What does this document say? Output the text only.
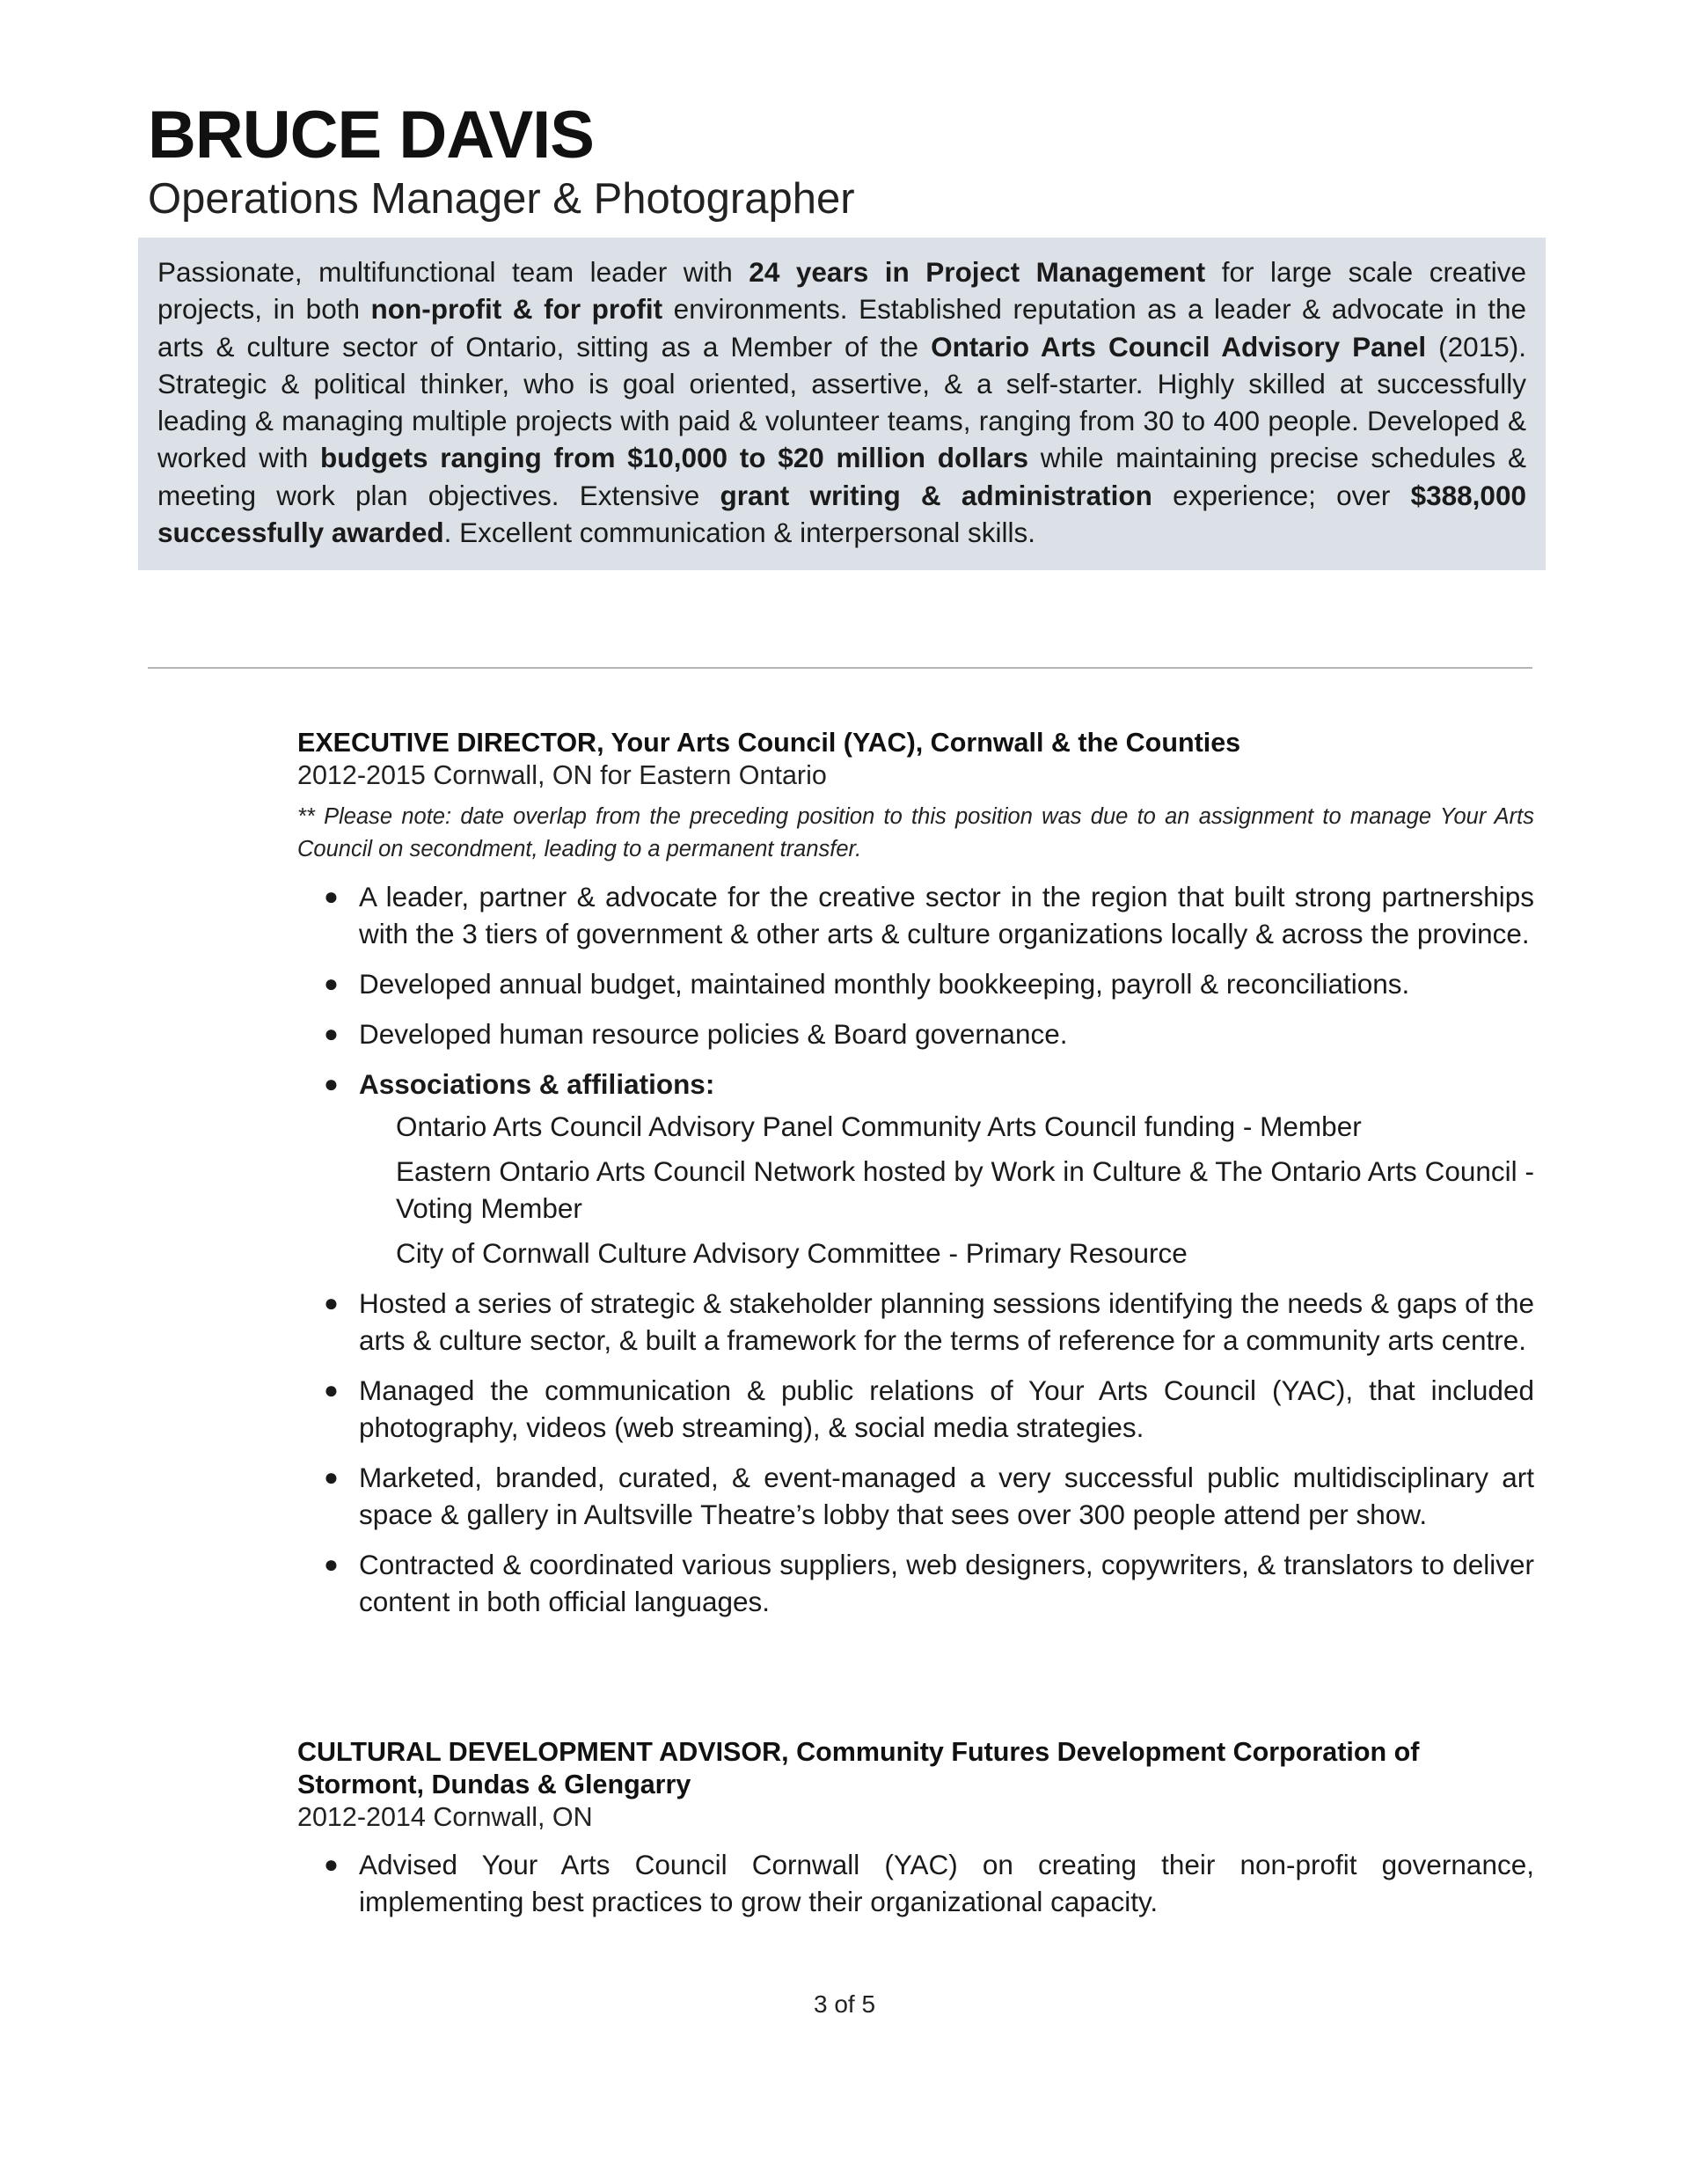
BRUCE DAVIS
Operations Manager & Photographer
Passionate, multifunctional team leader with 24 years in Project Management for large scale creative projects, in both non-profit & for profit environments. Established reputation as a leader & advocate in the arts & culture sector of Ontario, sitting as a Member of the Ontario Arts Council Advisory Panel (2015). Strategic & political thinker, who is goal oriented, assertive, & a self-starter. Highly skilled at successfully leading & managing multiple projects with paid & volunteer teams, ranging from 30 to 400 people. Developed & worked with budgets ranging from $10,000 to $20 million dollars while maintaining precise schedules & meeting work plan objectives. Extensive grant writing & administration experience; over $388,000 successfully awarded. Excellent communication & interpersonal skills.
EXECUTIVE DIRECTOR, Your Arts Council (YAC), Cornwall & the Counties
2012-2015 Cornwall, ON for Eastern Ontario
** Please note: date overlap from the preceding position to this position was due to an assignment to manage Your Arts Council on secondment, leading to a permanent transfer.
● A leader, partner & advocate for the creative sector in the region that built strong partnerships with the 3 tiers of government & other arts & culture organizations locally & across the province.
● Developed annual budget, maintained monthly bookkeeping, payroll & reconciliations.
● Developed human resource policies & Board governance.
● Associations & affiliations:
Ontario Arts Council Advisory Panel Community Arts Council funding - Member
Eastern Ontario Arts Council Network hosted by Work in Culture & The Ontario Arts Council - Voting Member
City of Cornwall Culture Advisory Committee - Primary Resource
● Hosted a series of strategic & stakeholder planning sessions identifying the needs & gaps of the arts & culture sector, & built a framework for the terms of reference for a community arts centre.
● Managed the communication & public relations of Your Arts Council (YAC), that included photography, videos (web streaming), & social media strategies.
● Marketed, branded, curated, & event-managed a very successful public multidisciplinary art space & gallery in Aultsville Theatre’s lobby that sees over 300 people attend per show.
● Contracted & coordinated various suppliers, web designers, copywriters, & translators to deliver content in both official languages.
CULTURAL DEVELOPMENT ADVISOR, Community Futures Development Corporation of Stormont, Dundas & Glengarry
2012-2014 Cornwall, ON
● Advised Your Arts Council Cornwall (YAC) on creating their non-profit governance, implementing best practices to grow their organizational capacity.
3 of 5
